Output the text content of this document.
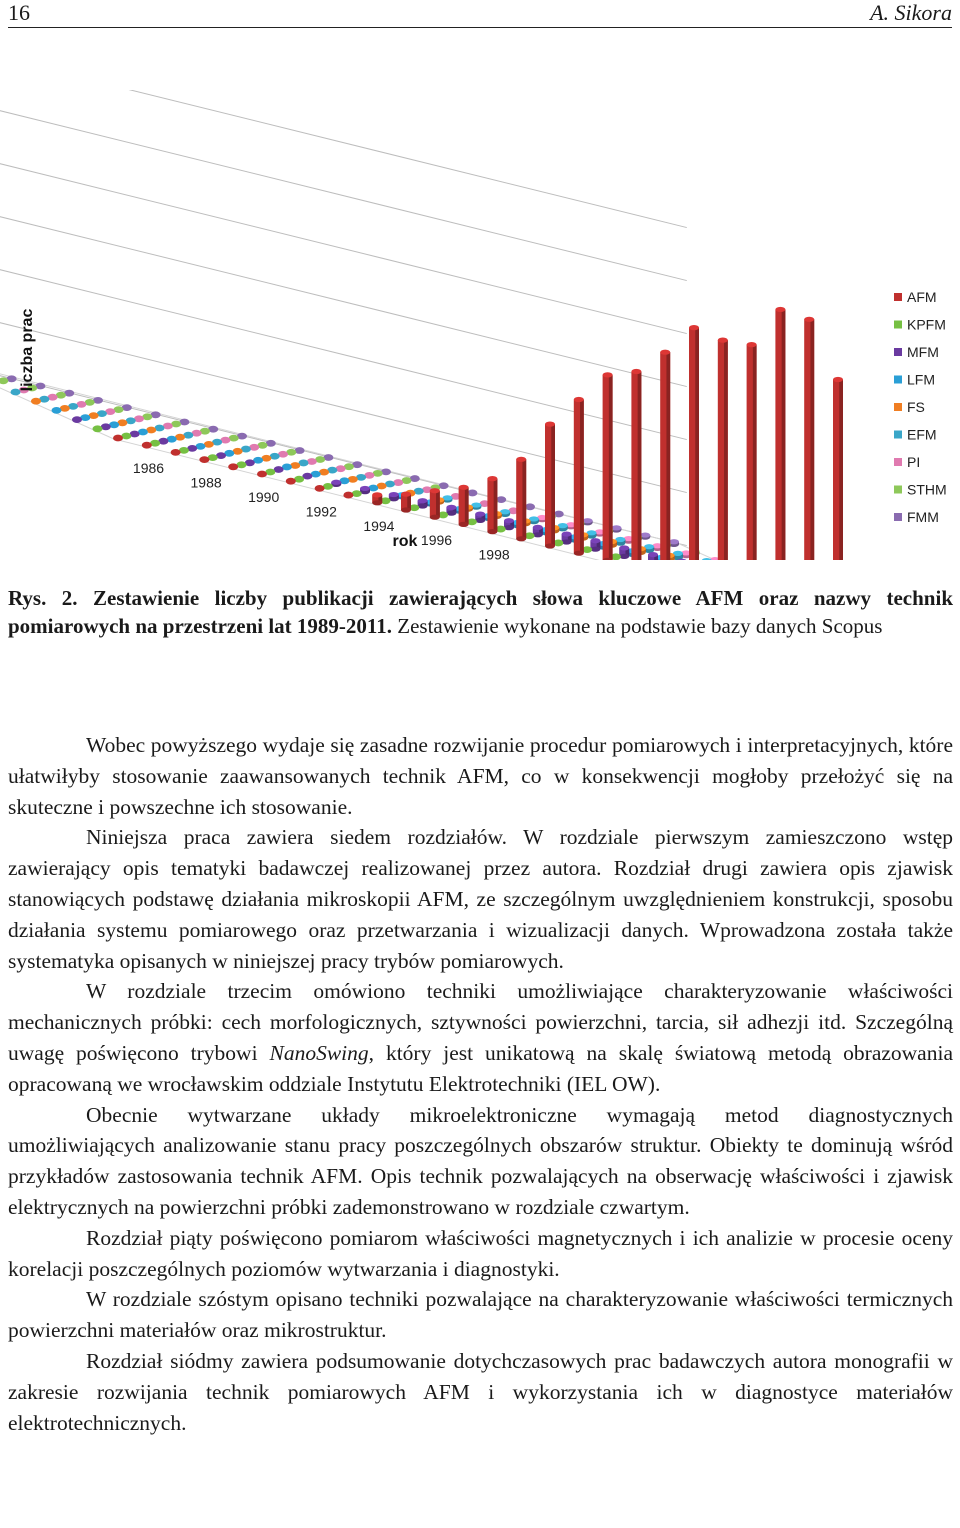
16	A. Sikora
1986
1988
1990
1992
1994
1996
1998
AFM
KPFM
MFM
LFM
FS
EFM
PI
STHM
FMM
liczba prac
rok
Rys. 2. Zestawienie liczby publikacji zawierających słowa kluczowe AFM oraz nazwy technik pomiarowych na przestrzeni lat 1989-2011. Zestawienie wykonane na podstawie bazy danych Scopus

Wobec powyższego wydaje się zasadne rozwijanie procedur pomiarowych i interpretacyjnych, które ułatwiłyby stosowanie zaawansowanych technik AFM, co w konsekwencji mogłoby przełożyć się na skuteczne i powszechne ich stosowanie.

Niniejsza praca zawiera siedem rozdziałów. W rozdziale pierwszym zamieszczono wstęp zawierający opis tematyki badawczej realizowanej przez autora. Rozdział drugi zawiera opis zjawisk stanowiących podstawę działania mikroskopii AFM, ze szczególnym uwzględnieniem konstrukcji, sposobu działania systemu pomiarowego oraz przetwarzania i wizualizacji danych. Wprowadzona została także systematyka opisanych w niniejszej pracy trybów pomiarowych.

W rozdziale trzecim omówiono techniki umożliwiające charakteryzowanie właściwości mechanicznych próbki: cech morfologicznych, sztywności powierzchni, tarcia, sił adhezji itd. Szczególną uwagę poświęcono trybowi NanoSwing, który jest unikatową na skalę światową metodą obrazowania opracowaną we wrocławskim oddziale Instytutu Elektrotechniki (IEL OW).

Obecnie wytwarzane układy mikroelektroniczne wymagają metod diagnostycznych umożliwiających analizowanie stanu pracy poszczególnych obszarów struktur. Obiekty te dominują wśród przykładów zastosowania technik AFM. Opis technik pozwalających na obserwację właściwości i zjawisk elektrycznych na powierzchni próbki zademonstrowano w rozdziale czwartym.

Rozdział piąty poświęcono pomiarom właściwości magnetycznych i ich analizie w procesie oceny korelacji poszczególnych poziomów wytwarzania i diagnostyki.

W rozdziale szóstym opisano techniki pozwalające na charakteryzowanie właściwości termicznych powierzchni materiałów oraz mikrostruktur.

Rozdział siódmy zawiera podsumowanie dotychczasowych prac badawczych autora monografii w zakresie rozwijania technik pomiarowych AFM i wykorzystania ich w diagnostyce materiałów elektrotechnicznych.
